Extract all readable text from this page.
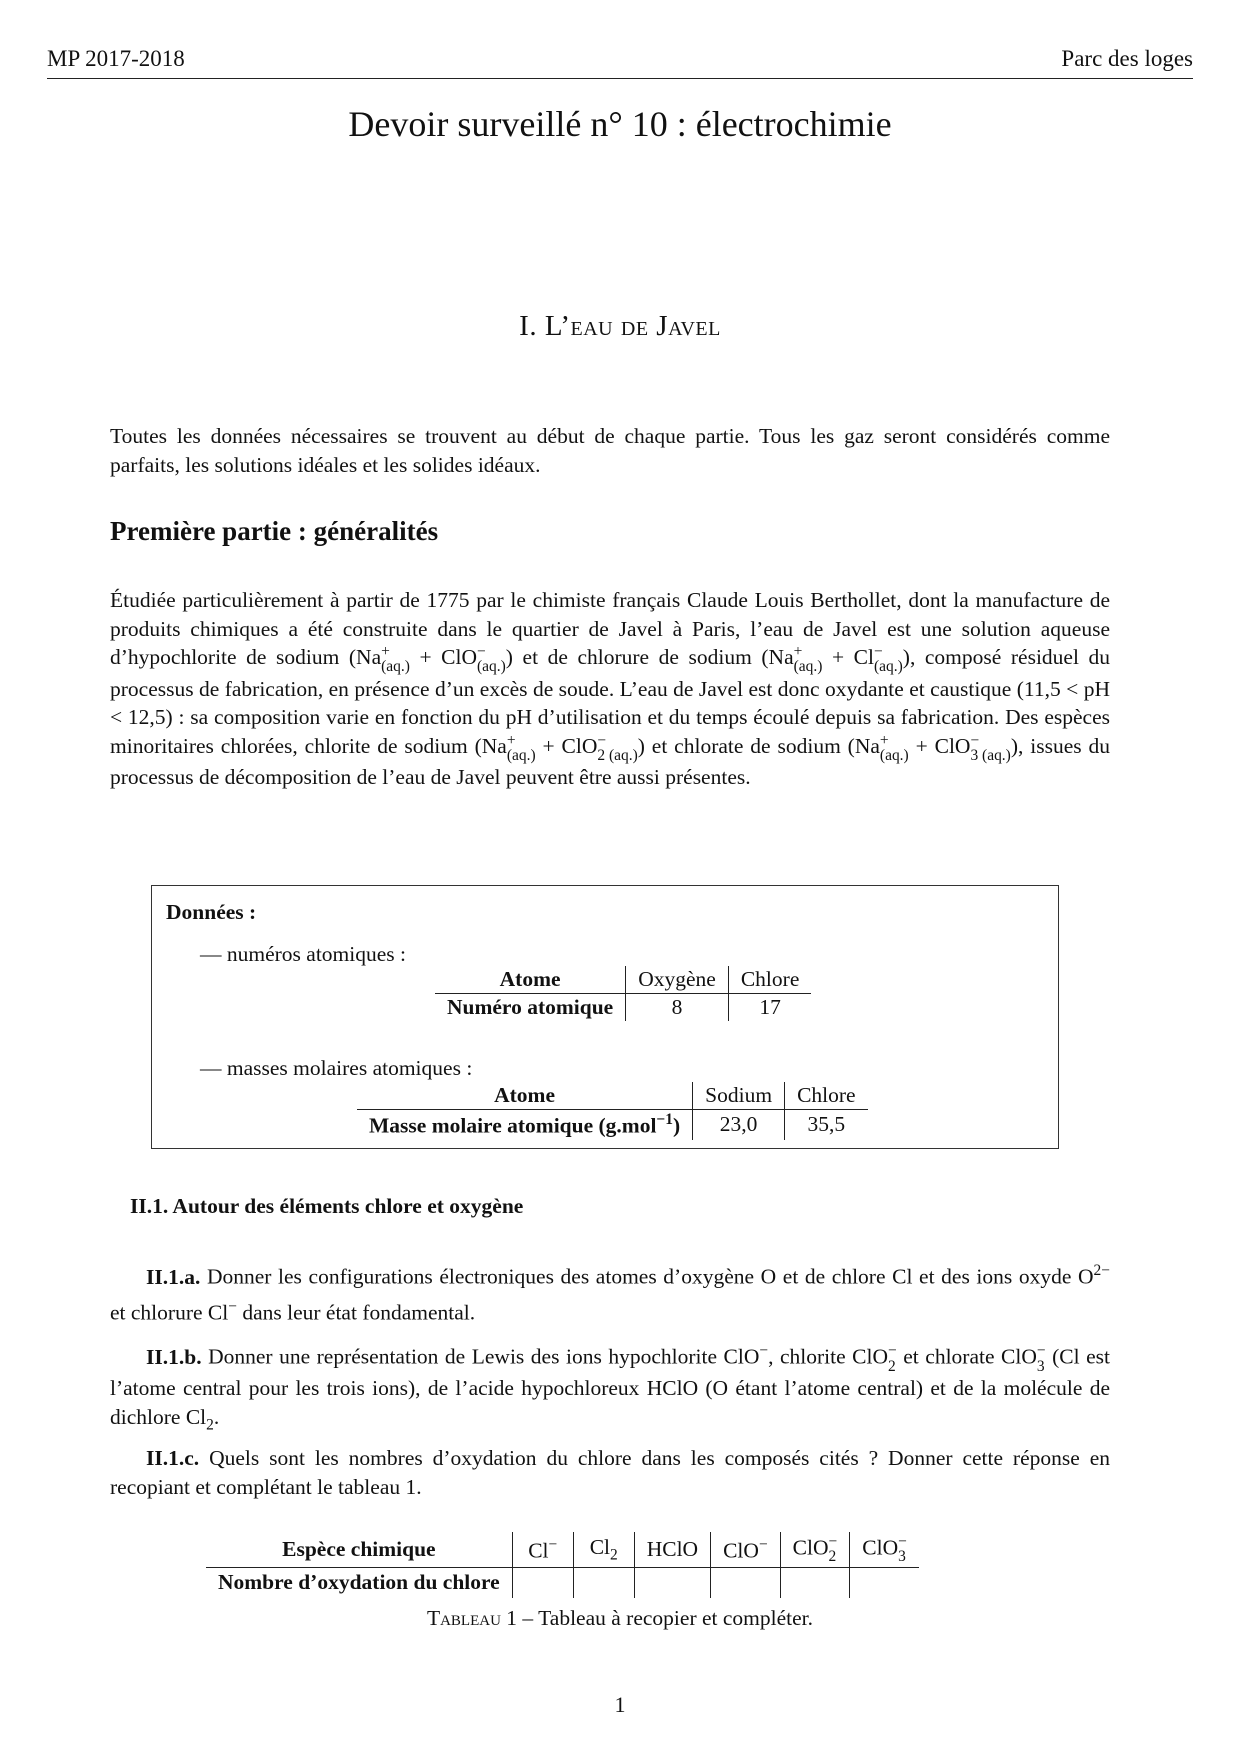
MP 2017-2018	Parc des loges
Devoir surveillé n° 10 : électrochimie
I. L’eau de Javel
Toutes les données nécessaires se trouvent au début de chaque partie. Tous les gaz seront considérés comme parfaits, les solutions idéales et les solides idéaux.
Première partie : généralités
Étudiée particulièrement à partir de 1775 par le chimiste français Claude Louis Berthollet, dont la manufacture de produits chimiques a été construite dans le quartier de Javel à Paris, l’eau de Javel est une solution aqueuse d’hypochlorite de sodium (Na +
(aq.) + ClO −
(aq.) ) et de chlorure de sodium (Na +
(aq.) + Cl −
(aq.) ), composé résiduel du processus de fabrication, en présence d’un excès de soude. L’eau de Javel est donc oxydante et caustique (11,5 < pH < 12,5) : sa composition varie en fonction du pH d’utilisation et du temps écoulé depuis sa fabrication. Des espèces minoritaires chlorées, chlorite de sodium (Na +
(aq.) + ClO −
2 (aq.) ) et chlorate de sodium (Na +
(aq.) + ClO −
3 (aq.) ), issues du processus de décomposition de l’eau de Javel peuvent être aussi présentes.
Données :
— numéros atomiques :
Atome	Oxygène	Chlore
Numéro atomique	8	17
— masses molaires atomiques :
Atome	Sodium	Chlore
Masse molaire atomique (g.mol$^{-1}$)	23,0	35,5
II.1. Autour des éléments chlore et oxygène
II.1.a. Donner les configurations électroniques des atomes d’oxygène O et de chlore Cl et des ions oxyde $O^{2-}$ et chlorure Cl− dans leur état fondamental.
II.1.b. Donner une représentation de Lewis des ions hypochlorite ClO−, chlorite ClO −
2 et chlorate ClO −
3 (Cl est l’atome central pour les trois ions), de l’acide hypochloreux HClO (O étant l’atome central) et de la molécule de dichlore $Cl_2$.
II.1.c. Quels sont les nombres d’oxydation du chlore dans les composés cités ? Donner cette réponse en recopiant et complétant le tableau 1.
Espèce chimique	Cl−	$Cl_2$	HClO	ClO−	ClO −
2	ClO −
3

Nombre d’oxydation du chlore						
Tableau 1 – Tableau à recopier et compléter.
1
